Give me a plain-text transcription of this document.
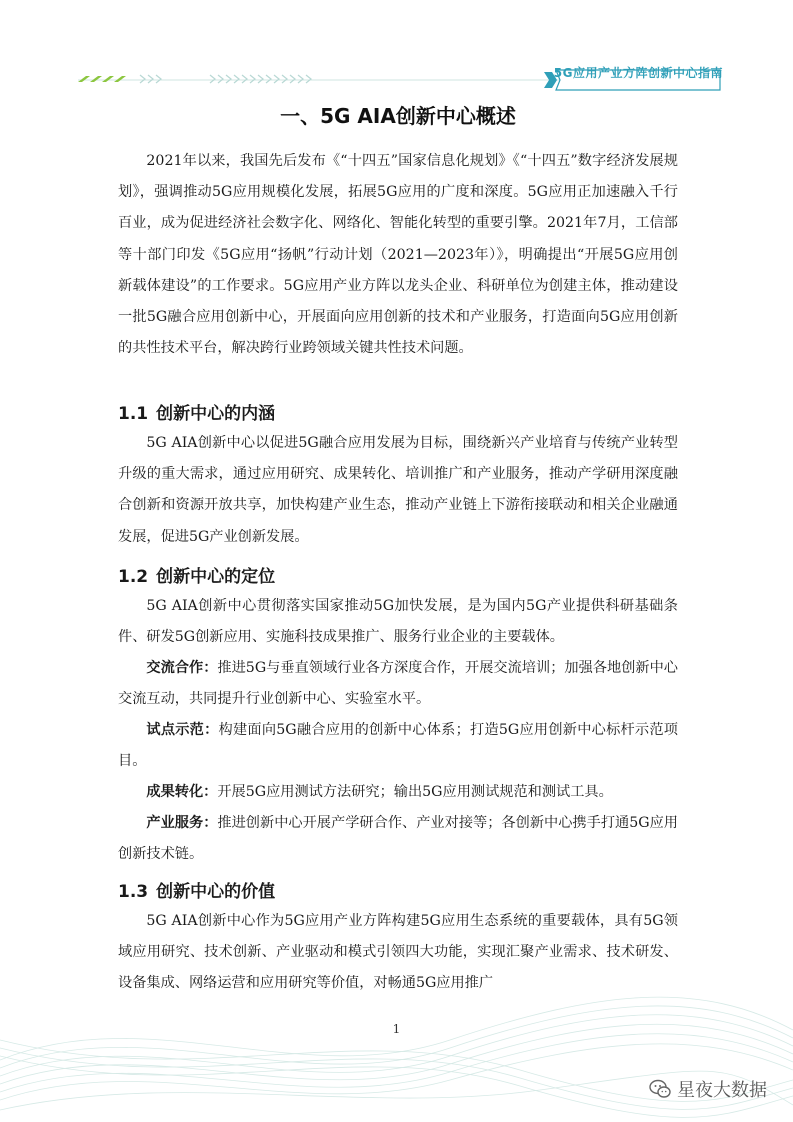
5G应用产业方阵创新中心指南
一、5G AIA创新中心概述

2021年以来，我国先后发布《“十四五”国家信息化规划》《“十四五”数字经济发展规划》，强调推动5G应用规模化发展，拓展5G应用的广度和深度。5G应用正加速融入千行百业，成为促进经济社会数字化、网络化、智能化转型的重要引擎。2021年7月，工信部等十部门印发《5G应用“扬帆”行动计划（2021—2023年）》，明确提出“开展5G应用创新载体建设”的工作要求。5G应用产业方阵以龙头企业、科研单位为创建主体，推动建设一批5G融合应用创新中心，开展面向应用创新的技术和产业服务，打造面向5G应用创新的共性技术平台，解决跨行业跨领域关键共性技术问题。

1.1 创新中心的内涵

5G AIA创新中心以促进5G融合应用发展为目标，围绕新兴产业培育与传统产业转型升级的重大需求，通过应用研究、成果转化、培训推广和产业服务，推动产学研用深度融合创新和资源开放共享，加快构建产业生态，推动产业链上下游衔接联动和相关企业融通发展，促进5G产业创新发展。

1.2 创新中心的定位

5G AIA创新中心贯彻落实国家推动5G加快发展，是为国内5G产业提供科研基础条件、研发5G创新应用、实施科技成果推广、服务行业企业的主要载体。

交流合作：推进5G与垂直领域行业各方深度合作，开展交流培训；加强各地创新中心交流互动，共同提升行业创新中心、实验室水平。

试点示范：构建面向5G融合应用的创新中心体系；打造5G应用创新中心标杆示范项目。

成果转化：开展5G应用测试方法研究；输出5G应用测试规范和测试工具。

产业服务：推进创新中心开展产学研合作、产业对接等；各创新中心携手打通5G应用创新技术链。

1.3 创新中心的价值

5G AIA创新中心作为5G应用产业方阵构建5G应用生态系统的重要载体，具有5G领域应用研究、技术创新、产业驱动和模式引领四大功能，实现汇聚产业需求、技术研发、设备集成、网络运营和应用研究等价值，对畅通5G应用推广

1
星夜大数据
